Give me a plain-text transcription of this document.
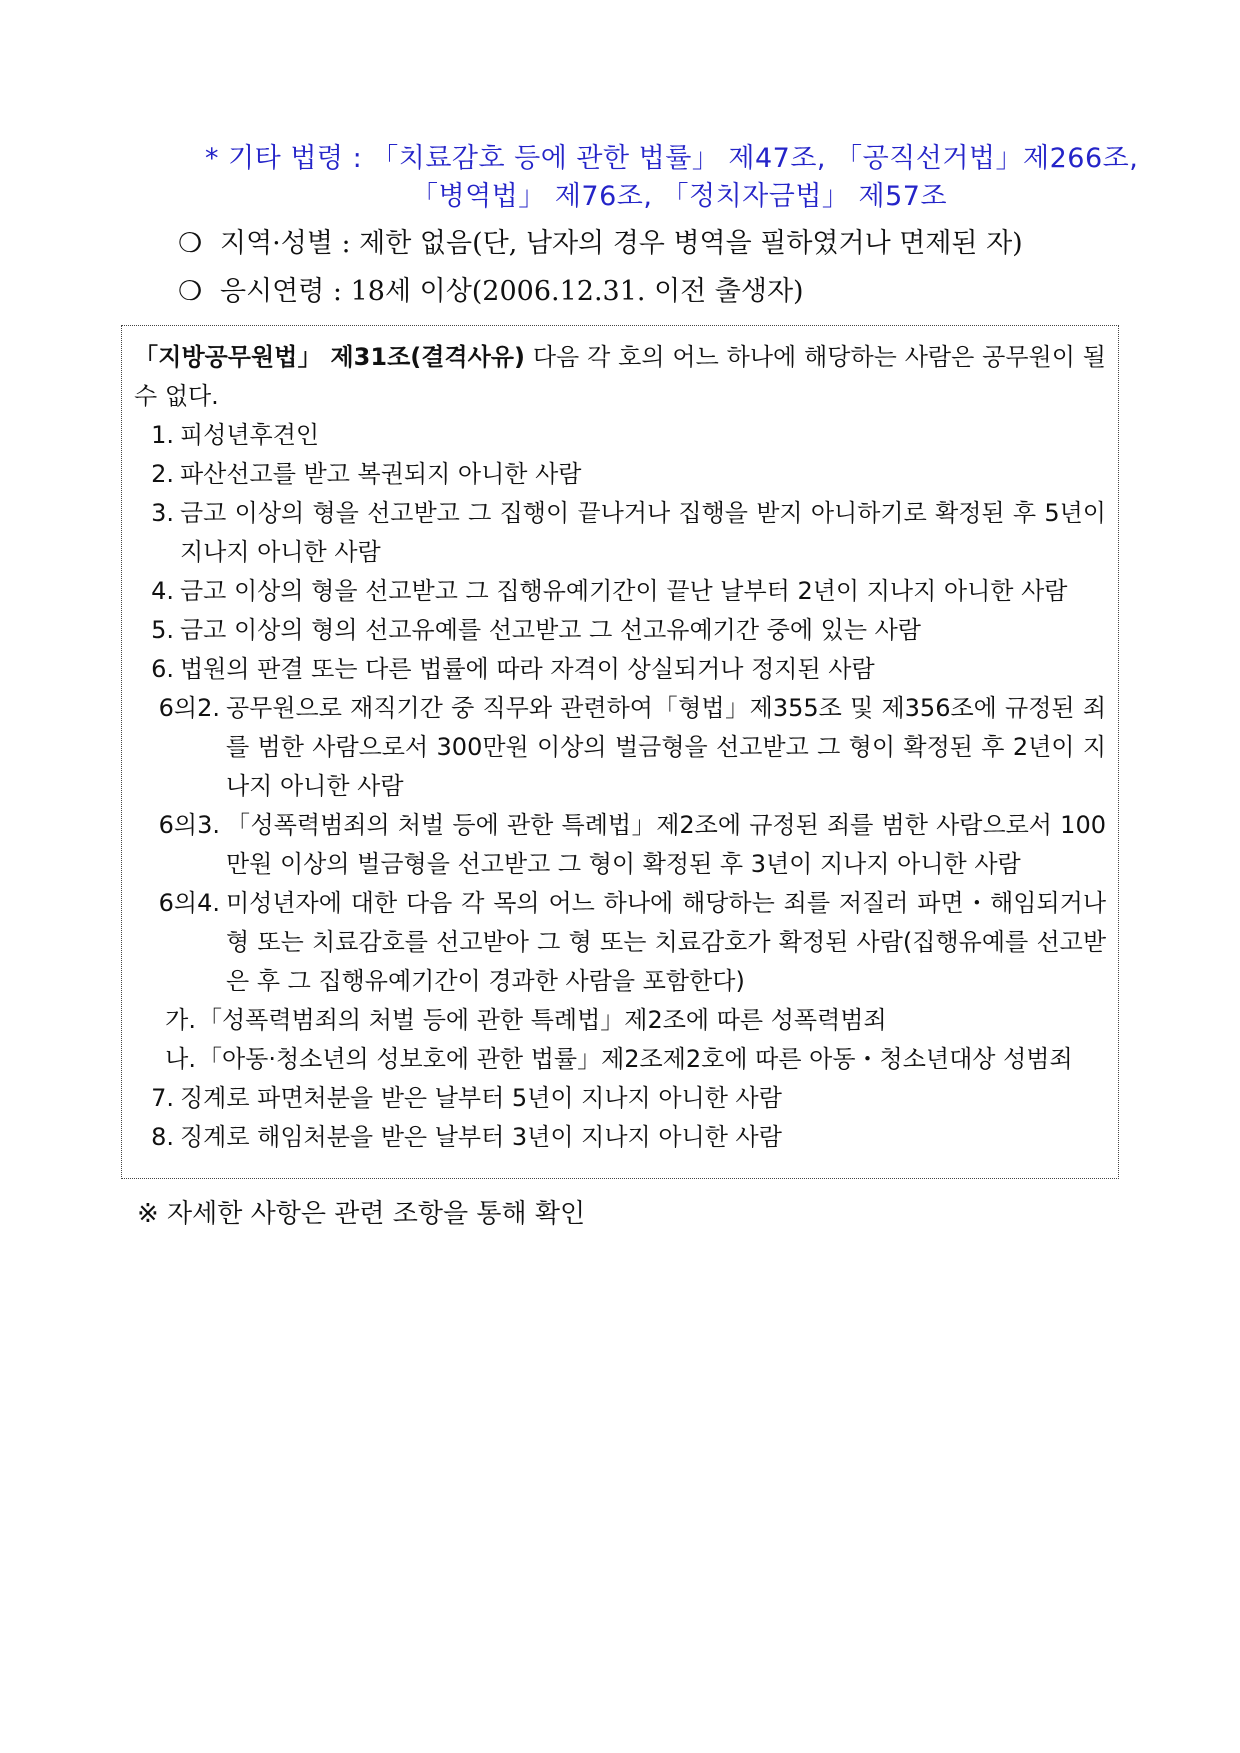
* 기타 법령 : 「치료감호 등에 관한 법률」 제47조, 「공직선거법」제266조,
「병역법」 제76조, 「정치자금법」 제57조
❍ 지역·성별 : 제한 없음(단, 남자의 경우 병역을 필하였거나 면제된 자)
❍ 응시연령 : 18세 이상(2006.12.31. 이전 출생자)
「지방공무원법」 제31조(결격사유) 다음 각 호의 어느 하나에 해당하는 사람은 공무원이 될 수 없다.
1. 피성년후견인
2. 파산선고를 받고 복권되지 아니한 사람
3. 금고 이상의 형을 선고받고 그 집행이 끝나거나 집행을 받지 아니하기로 확정된 후 5년이 지나지 아니한 사람
4. 금고 이상의 형을 선고받고 그 집행유예기간이 끝난 날부터 2년이 지나지 아니한 사람
5. 금고 이상의 형의 선고유예를 선고받고 그 선고유예기간 중에 있는 사람
6. 법원의 판결 또는 다른 법률에 따라 자격이 상실되거나 정지된 사람
6의2. 공무원으로 재직기간 중 직무와 관련하여「형법」제355조 및 제356조에 규정된 죄를 범한 사람으로서 300만원 이상의 벌금형을 선고받고 그 형이 확정된 후 2년이 지나지 아니한 사람
6의3. 「성폭력범죄의 처벌 등에 관한 특례법」제2조에 규정된 죄를 범한 사람으로서 100만원 이상의 벌금형을 선고받고 그 형이 확정된 후 3년이 지나지 아니한 사람
6의4. 미성년자에 대한 다음 각 목의 어느 하나에 해당하는 죄를 저질러 파면・해임되거나 형 또는 치료감호를 선고받아 그 형 또는 치료감호가 확정된 사람(집행유예를 선고받은 후 그 집행유예기간이 경과한 사람을 포함한다)
가. 「성폭력범죄의 처벌 등에 관한 특례법」제2조에 따른 성폭력범죄
나. 「아동·청소년의 성보호에 관한 법률」제2조제2호에 따른 아동・청소년대상 성범죄
7. 징계로 파면처분을 받은 날부터 5년이 지나지 아니한 사람
8. 징계로 해임처분을 받은 날부터 3년이 지나지 아니한 사람
※ 자세한 사항은 관련 조항을 통해 확인
